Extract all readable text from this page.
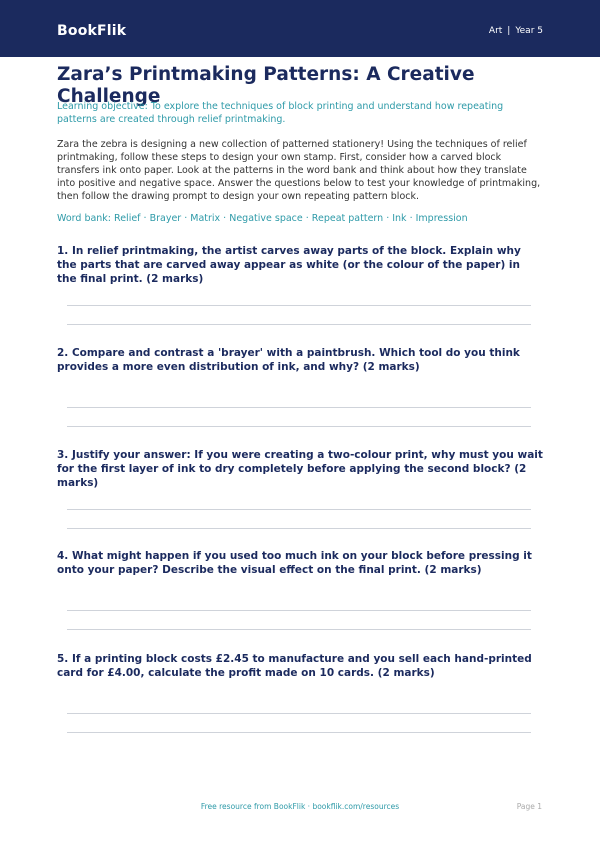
BookFlik	Art | Year 5
Zara’s Printmaking Patterns: A Creative Challenge

Learning objective: To explore the techniques of block printing and understand how repeating patterns are created through relief printmaking.

Zara the zebra is designing a new collection of patterned stationery! Using the techniques of relief printmaking, follow these steps to design your own stamp. First, consider how a carved block transfers ink onto paper. Look at the patterns in the word bank and think about how they translate into positive and negative space. Answer the questions below to test your knowledge of printmaking, then follow the drawing prompt to design your own repeating pattern block.

Word bank: Relief · Brayer · Matrix · Negative space · Repeat pattern · Ink · Impression

1. In relief printmaking, the artist carves away parts of the block. Explain why the parts that are carved away appear as white (or the colour of the paper) in the final print. (2 marks)

2. Compare and contrast a 'brayer' with a paintbrush. Which tool do you think provides a more even distribution of ink, and why? (2 marks)

3. Justify your answer: If you were creating a two-colour print, why must you wait for the first layer of ink to dry completely before applying the second block? (2 marks)

4. What might happen if you used too much ink on your block before pressing it onto your paper? Describe the visual effect on the final print. (2 marks)

5. If a printing block costs £2.45 to manufacture and you sell each hand-printed card for £4.00, calculate the profit made on 10 cards. (2 marks)

Free resource from BookFlik · bookflik.com/resources	Page 1
